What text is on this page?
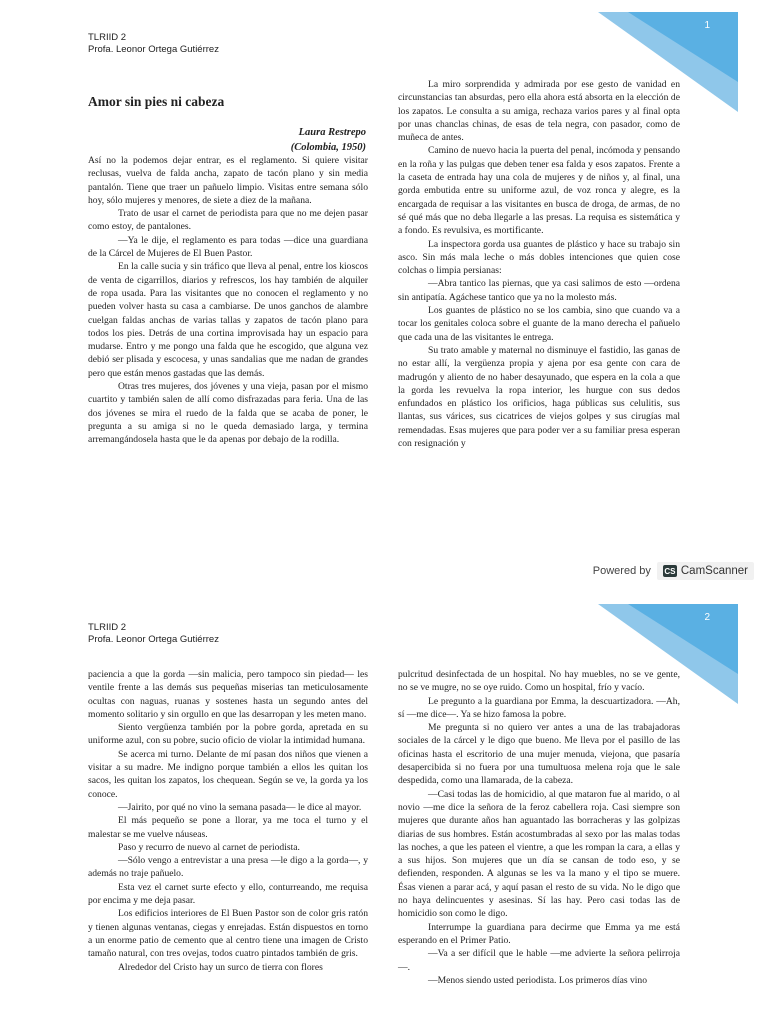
1
TLRIID 2
Profa. Leonor Ortega Gutiérrez
Amor sin pies ni cabeza
Laura Restrepo
(Colombia, 1950)

Así no la podemos dejar entrar, es el reglamento. Si quiere visitar reclusas, vuelva de falda ancha, zapato de tacón plano y sin media pantalón. Tiene que traer un pañuelo limpio. Visitas entre semana sólo hoy, sólo mujeres y menores, de siete a diez de la mañana.

Trato de usar el carnet de periodista para que no me dejen pasar como estoy, de pantalones.

—Ya le dije, el reglamento es para todas —dice una guardiana de la Cárcel de Mujeres de El Buen Pastor.

En la calle sucia y sin tráfico que lleva al penal, entre los kioscos de venta de cigarrillos, diarios y refrescos, los hay también de alquiler de ropa usada. Para las visitantes que no conocen el reglamento y no pueden volver hasta su casa a cambiarse. De unos ganchos de alambre cuelgan faldas anchas de varias tallas y zapatos de tacón plano para todos los pies. Detrás de una cortina improvisada hay un espacio para mudarse. Entro y me pongo una falda que he escogido, que alguna vez debió ser plisada y escocesa, y unas sandalias que me nadan de grandes pero que están menos gastadas que las demás.

Otras tres mujeres, dos jóvenes y una vieja, pasan por el mismo cuartito y también salen de allí como disfrazadas para feria. Una de las dos jóvenes se mira el ruedo de la falda que se acaba de poner, le pregunta a su amiga si no le queda demasiado larga, y termina arremangándosela hasta que le da apenas por debajo de la rodilla.

La miro sorprendida y admirada por ese gesto de vanidad en circunstancias tan absurdas, pero ella ahora está absorta en la elección de los zapatos. Le consulta a su amiga, rechaza varios pares y al final opta por unas chanclas chinas, de esas de tela negra, con pasador, como de muñeca de antes.

Camino de nuevo hacia la puerta del penal, incómoda y pensando en la roña y las pulgas que deben tener esa falda y esos zapatos. Frente a la caseta de entrada hay una cola de mujeres y de niños y, al final, una gorda embutida entre su uniforme azul, de voz ronca y alegre, es la encargada de requisar a las visitantes en busca de droga, de armas, de no sé qué más que no deba llegarle a las presas. La requisa es sistemática y a fondo. Es revulsiva, es mortificante.

La inspectora gorda usa guantes de plástico y hace su trabajo sin asco. Sin más mala leche o más dobles intenciones que quien cose colchas o limpia persianas:

—Abra tantico las piernas, que ya casi salimos de esto —ordena sin antipatía. Agáchese tantico que ya no la molesto más.

Los guantes de plástico no se los cambia, sino que cuando va a tocar los genitales coloca sobre el guante de la mano derecha el pañuelo que cada una de las visitantes le entrega.

Su trato amable y maternal no disminuye el fastidio, las ganas de no estar allí, la vergüenza propia y ajena por esa gente con cara de madrugón y aliento de no haber desayunado, que espera en la cola a que la gorda les revuelva la ropa interior, les hurgue con sus dedos enfundados en plástico los orificios, haga públicas sus celulitis, sus llantas, sus várices, sus cicatrices de viejos golpes y sus cirugías mal remendadas. Esas mujeres que para poder ver a su familiar presa esperan con resignación y

Powered by CS CamScanner
2
TLRIID 2
Profa. Leonor Ortega Gutiérrez

paciencia a que la gorda —sin malicia, pero tampoco sin piedad— les ventile frente a las demás sus pequeñas miserias tan meticulosamente ocultas con naguas, ruanas y sostenes hasta un segundo antes del momento solitario y sin orgullo en que las desarropan y les meten mano.

Siento vergüenza también por la pobre gorda, apretada en su uniforme azul, con su pobre, sucio oficio de violar la intimidad humana.

Se acerca mi turno. Delante de mí pasan dos niños que vienen a visitar a su madre. Me indigno porque también a ellos les quitan los sacos, les quitan los zapatos, los chequean. Según se ve, la gorda ya los conoce.

—Jairito, por qué no vino la semana pasada— le dice al mayor.

El más pequeño se pone a llorar, ya me toca el turno y el malestar se me vuelve náuseas.

Paso y recurro de nuevo al carnet de periodista.

—Sólo vengo a entrevistar a una presa —le digo a la gorda—, y además no traje pañuelo.

Esta vez el carnet surte efecto y ello, conturreando, me requisa por encima y me deja pasar.

Los edificios interiores de El Buen Pastor son de color gris ratón y tienen algunas ventanas, ciegas y enrejadas. Están dispuestos en torno a un enorme patio de cemento que al centro tiene una imagen de Cristo tamaño natural, con tres ovejas, todos cuatro pintados también de gris.

Alrededor del Cristo hay un surco de tierra con flores

pulcritud desinfectada de un hospital. No hay muebles, no se ve gente, no se ve mugre, no se oye ruido. Como un hospital, frío y vacío.

Le pregunto a la guardiana por Emma, la descuartizadora. —Ah, sí —me dice—. Ya se hizo famosa la pobre.

Me pregunta si no quiero ver antes a una de las trabajadoras sociales de la cárcel y le digo que bueno. Me lleva por el pasillo de las oficinas hasta el escritorio de una mujer menuda, viejona, que pasaría desapercibida si no fuera por una tumultuosa melena roja que le sale despedida, como una llamarada, de la cabeza.

—Casi todas las de homicidio, al que mataron fue al marido, o al novio —me dice la señora de la feroz cabellera roja. Casi siempre son mujeres que durante años han aguantado las borracheras y las golpizas diarias de sus hombres. Están acostumbradas al sexo por las malas todas las noches, a que les pateen el vientre, a que les rompan la cara, a ellas y a sus hijos. Son mujeres que un día se cansan de todo eso, y se defienden, responden. A algunas se les va la mano y el tipo se muere. Ésas vienen a parar acá, y aquí pasan el resto de su vida. No le digo que no haya delincuentes y asesinas. Sí las hay. Pero casi todas las de homicidio son como le digo.

Interrumpe la guardiana para decirme que Emma ya me está esperando en el Primer Patio.

—Va a ser difícil que le hable —me advierte la señora pelirroja—.

—Menos siendo usted periodista. Los primeros días vino
